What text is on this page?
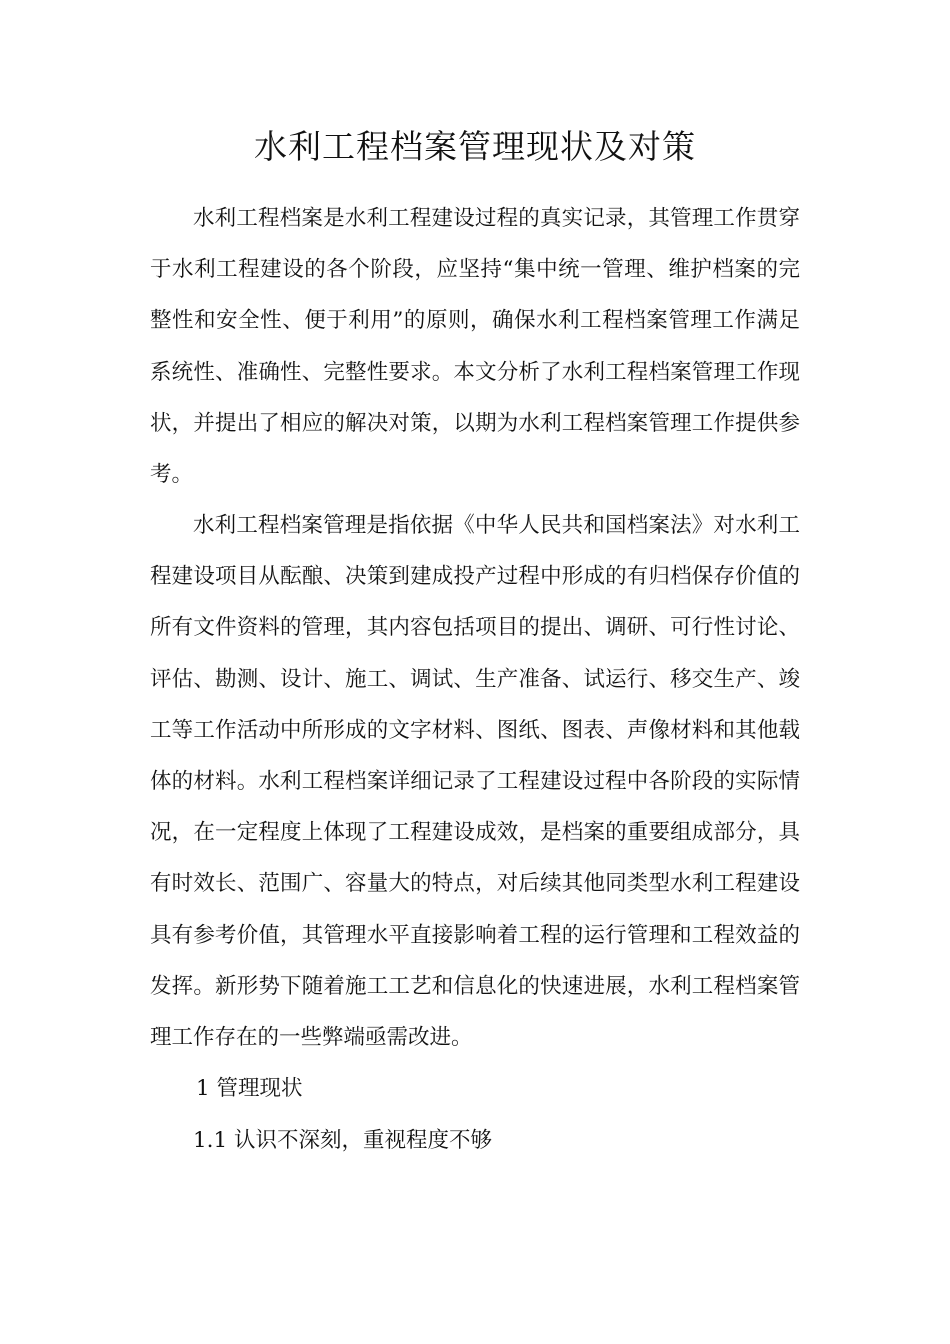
水利工程档案管理现状及对策

水利工程档案是水利工程建设过程的真实记录，其管理工作贯穿于水利工程建设的各个阶段，应坚持“集中统一管理、维护档案的完整性和安全性、便于利用”的原则，确保水利工程档案管理工作满足系统性、准确性、完整性要求。本文分析了水利工程档案管理工作现状，并提出了相应的解决对策，以期为水利工程档案管理工作提供参考。

水利工程档案管理是指依据《中华人民共和国档案法》对水利工程建设项目从酝酿、决策到建成投产过程中形成的有归档保存价值的所有文件资料的管理，其内容包括项目的提出、调研、可行性讨论、评估、勘测、设计、施工、调试、生产准备、试运行、移交生产、竣工等工作活动中所形成的文字材料、图纸、图表、声像材料和其他载体的材料。水利工程档案详细记录了工程建设过程中各阶段的实际情况，在一定程度上体现了工程建设成效，是档案的重要组成部分，具有时效长、范围广、容量大的特点，对后续其他同类型水利工程建设具有参考价值，其管理水平直接影响着工程的运行管理和工程效益的发挥。新形势下随着施工工艺和信息化的快速进展，水利工程档案管理工作存在的一些弊端亟需改进。

1 管理现状

1.1 认识不深刻，重视程度不够
